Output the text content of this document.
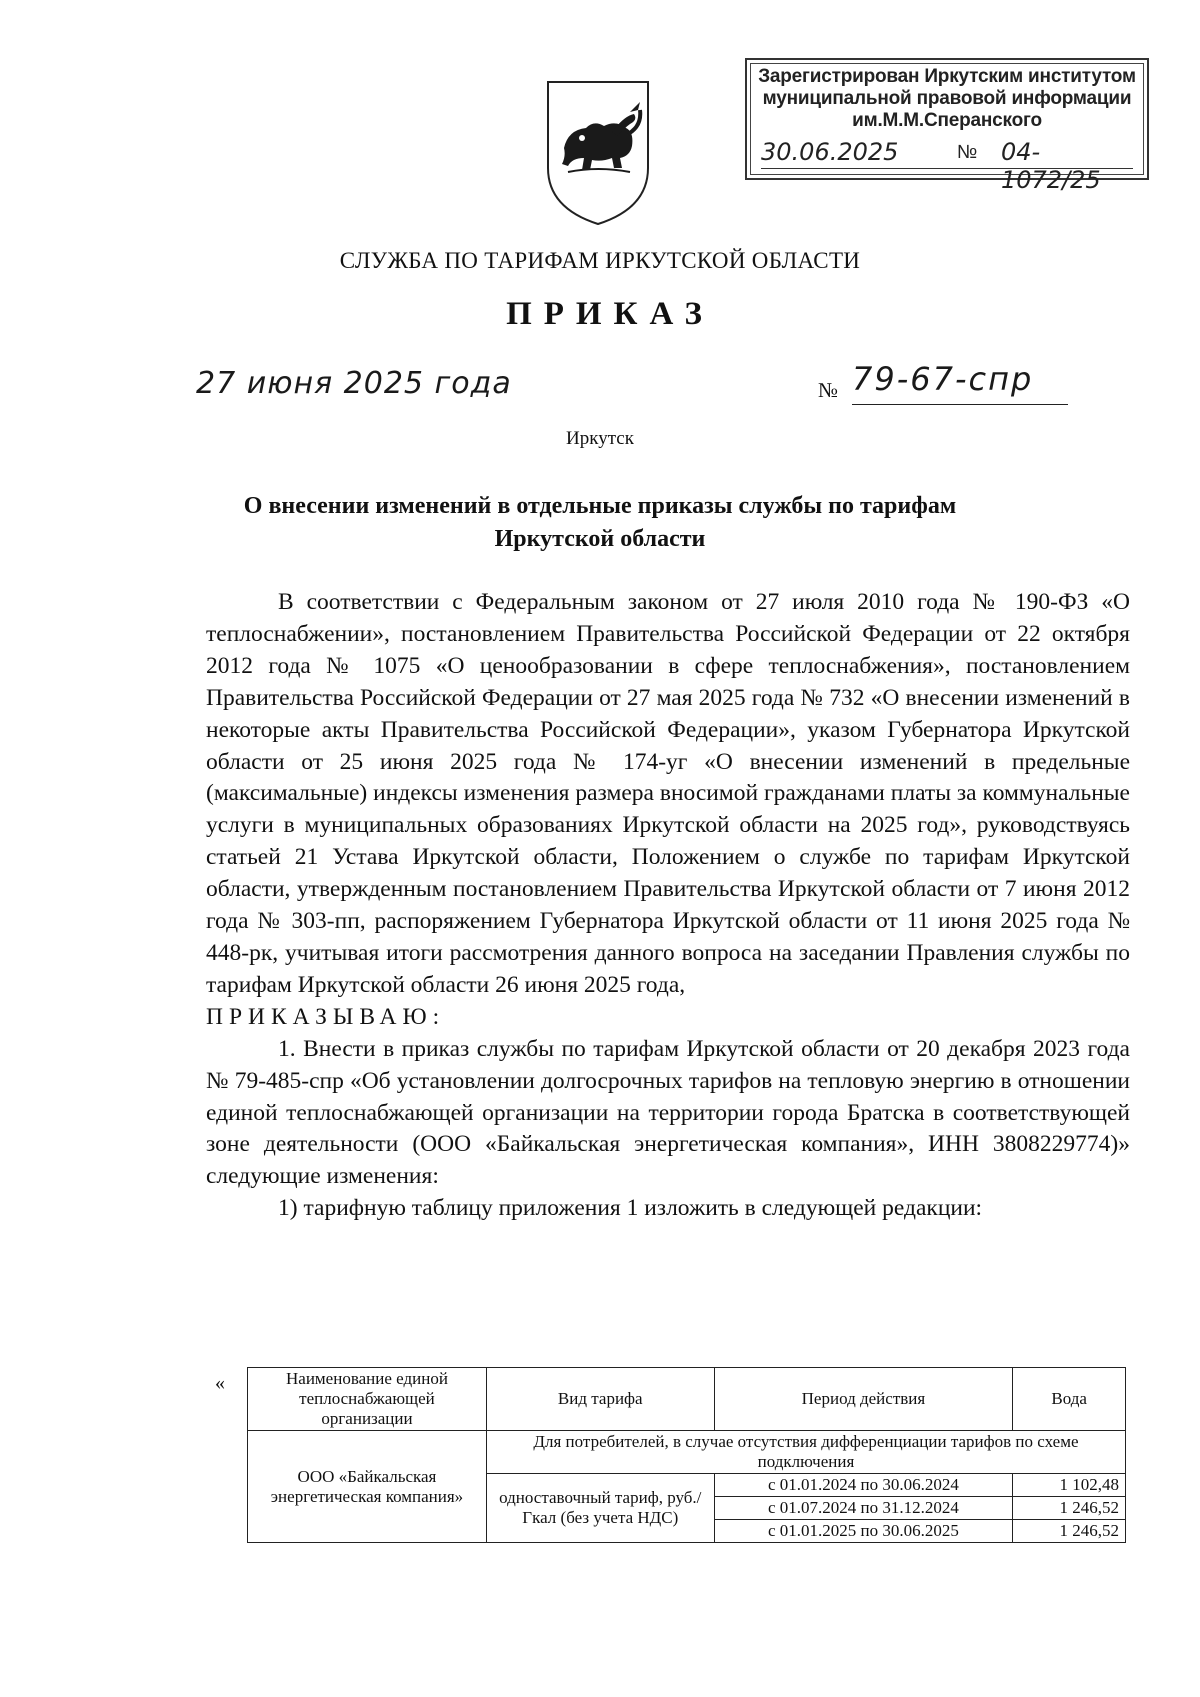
Зарегистрирован Иркутским институтом
муниципальной правовой информации
им.М.М.Сперанского
30.06.2025	№ 04-1072/25
СЛУЖБА ПО ТАРИФАМ ИРКУТСКОЙ ОБЛАСТИ
ПРИКАЗ
27 июня 2025 года	№ 79-67-спр
Иркутск
О внесении изменений в отдельные приказы службы по тарифам
Иркутской области

В соответствии с Федеральным законом от 27 июля 2010 года № 190-ФЗ «О теплоснабжении», постановлением Правительства Российской Федерации от 22 октября 2012 года № 1075 «О ценообразовании в сфере теплоснабжения», постановлением Правительства Российской Федерации от 27 мая 2025 года № 732 «О внесении изменений в некоторые акты Правительства Российской Федерации», указом Губернатора Иркутской области от 25 июня 2025 года № 174-уг «О внесении изменений в предельные (максимальные) индексы изменения размера вносимой гражданами платы за коммунальные услуги в муниципальных образованиях Иркутской области на 2025 год», руководствуясь статьей 21 Устава Иркутской области, Положением о службе по тарифам Иркутской области, утвержденным постановлением Правительства Иркутской области от 7 июня 2012 года № 303-пп, распоряжением Губернатора Иркутской области от 11 июня 2025 года № 448-рк, учитывая итоги рассмотрения данного вопроса на заседании Правления службы по тарифам Иркутской области 26 июня 2025 года,

ПРИКАЗЫВАЮ:

1. Внести в приказ службы по тарифам Иркутской области от 20 декабря 2023 года № 79-485-спр «Об установлении долгосрочных тарифов на тепловую энергию в отношении единой теплоснабжающей организации на территории города Братска в соответствующей зоне деятельности (ООО «Байкальская энергетическая компания», ИНН 3808229774)» следующие изменения:

1) тарифную таблицу приложения 1 изложить в следующей редакции:

«	Наименование единой теплоснабжающей организации	Вид тарифа	Период действия	Вода
ООО «Байкальская энергетическая компания»	Для потребителей, в случае отсутствия дифференциации тарифов по схеме подключения		
	одноставочный тариф, руб./Гкал (без учета НДС)	с 01.01.2024 по 30.06.2024	1 102,48
		с 01.07.2024 по 31.12.2024	1 246,52
		с 01.01.2025 по 30.06.2025	1 246,52
